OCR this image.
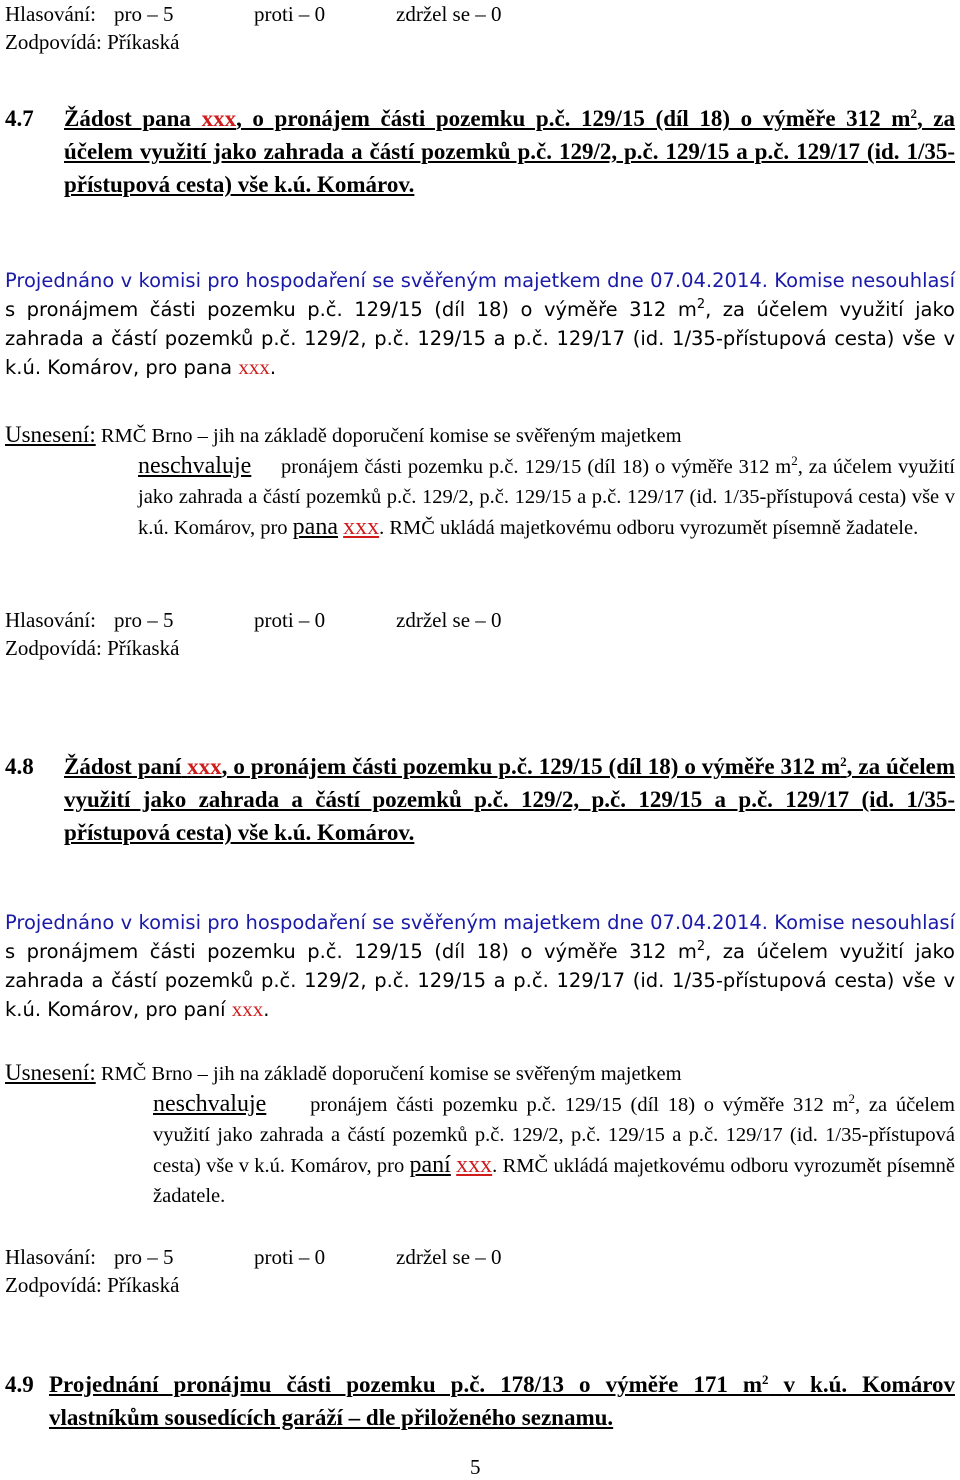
Hlasování: pro – 5	proti – 0	zdržel se – 0
Zodpovídá: Příkaská
4.7 Žádost pana xxx, o pronájem části pozemku p.č. 129/15 (díl 18) o výměře 312 $m^2$, za účelem využití jako zahrada a částí pozemků p.č. 129/2, p.č. 129/15 a p.č. 129/17 (id. 1/35-přístupová cesta) vše k.ú. Komárov.
Projednáno v komisi pro hospodaření se svěřeným majetkem dne 07.04.2014. Komise nesouhlasí s pronájmem části pozemku p.č. 129/15 (díl 18) o výměře 312 $m^2$, za účelem využití jako zahrada a částí pozemků p.č. 129/2, p.č. 129/15 a p.č. 129/17 (id. 1/35-přístupová cesta) vše v k.ú. Komárov, pro pana xxx.
Usnesení: RMČ Brno – jih na základě doporučení komise se svěřeným majetkem
neschvaluje pronájem části pozemku p.č. 129/15 (díl 18) o výměře 312 $m^2$, za účelem využití jako zahrada a částí pozemků p.č. 129/2, p.č. 129/15 a p.č. 129/17 (id. 1/35-přístupová cesta) vše v k.ú. Komárov, pro pana xxx. RMČ ukládá majetkovému odboru vyrozumět písemně žadatele.
Hlasování: pro – 5	proti – 0	zdržel se – 0
Zodpovídá: Příkaská
4.8 Žádost paní xxx, o pronájem části pozemku p.č. 129/15 (díl 18) o výměře 312 $m^2$, za účelem využití jako zahrada a částí pozemků p.č. 129/2, p.č. 129/15 a p.č. 129/17 (id. 1/35-přístupová cesta) vše k.ú. Komárov.
Projednáno v komisi pro hospodaření se svěřeným majetkem dne 07.04.2014. Komise nesouhlasí s pronájmem části pozemku p.č. 129/15 (díl 18) o výměře 312 $m^2$, za účelem využití jako zahrada a částí pozemků p.č. 129/2, p.č. 129/15 a p.č. 129/17 (id. 1/35-přístupová cesta) vše v k.ú. Komárov, pro paní xxx.
Usnesení: RMČ Brno – jih na základě doporučení komise se svěřeným majetkem
neschvaluje pronájem části pozemku p.č. 129/15 (díl 18) o výměře 312 $m^2$, za účelem využití jako zahrada a částí pozemků p.č. 129/2, p.č. 129/15 a p.č. 129/17 (id. 1/35-přístupová cesta) vše v k.ú. Komárov, pro paní xxx. RMČ ukládá majetkovému odboru vyrozumět písemně žadatele.
Hlasování: pro – 5	proti – 0	zdržel se – 0
Zodpovídá: Příkaská
4.9 Projednání pronájmu části pozemku p.č. 178/13 o výměře 171 $m^2$ v k.ú. Komárov vlastníkům sousedících garáží – dle přiloženého seznamu.
5
